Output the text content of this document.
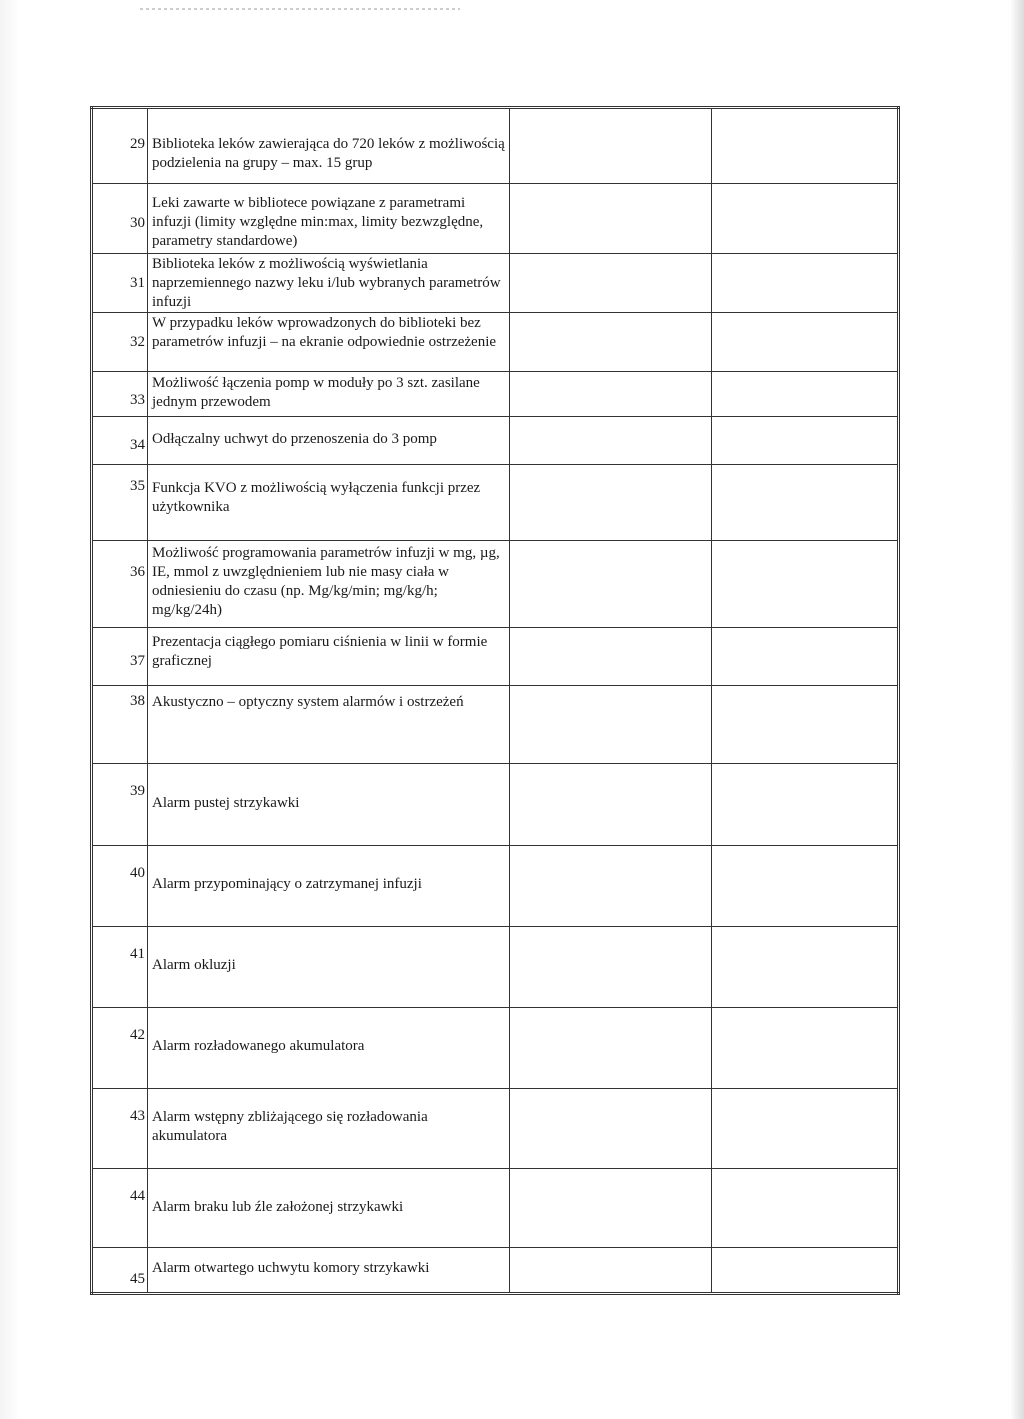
29	Biblioteka leków zawierająca do 720 leków z możliwością podzielenia na grupy – max. 15 grup		
30	Leki zawarte w bibliotece powiązane z parametrami infuzji (limity względne min:max, limity bezwzględne, parametry standardowe)		
31	Biblioteka leków z możliwością wyświetlania naprzemiennego nazwy leku i/lub wybranych parametrów infuzji		
32	W przypadku leków wprowadzonych do biblioteki bez parametrów infuzji – na ekranie odpowiednie ostrzeżenie		
33	Możliwość łączenia pomp w moduły po 3 szt. zasilane jednym przewodem		
34	Odłączalny uchwyt do przenoszenia do 3 pomp		
35	Funkcja KVO z możliwością wyłączenia funkcji przez użytkownika		
36	Możliwość programowania parametrów infuzji w mg, µg, IE, mmol z uwzględnieniem lub nie masy ciała w odniesieniu do czasu (np. Mg/kg/min; mg/kg/h; mg/kg/24h)		
37	Prezentacja ciągłego pomiaru ciśnienia w linii w formie graficznej		
38	Akustyczno – optyczny system alarmów i ostrzeżeń		
39	Alarm pustej strzykawki		
40	Alarm przypominający o zatrzymanej infuzji		
41	Alarm okluzji		
42	Alarm rozładowanego akumulatora		
43	Alarm wstępny zbliżającego się rozładowania akumulatora		
44	Alarm braku lub źle założonej strzykawki		
45	Alarm otwartego uchwytu komory strzykawki		
